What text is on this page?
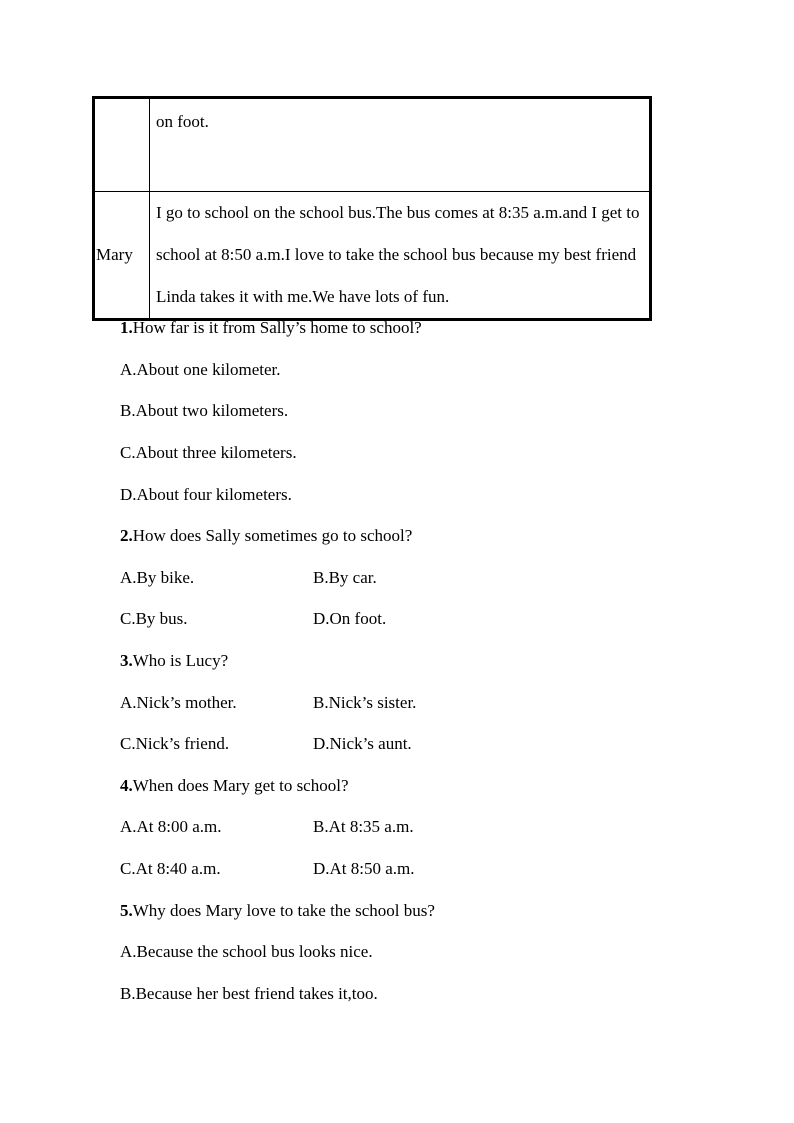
	on foot.

Mary	I go to school on the school bus.The bus comes at 8:35 a.m.and I get to school at 8:50 a.m.I love to take the school bus because my best friend Linda takes it with me.We have lots of fun.
1.How far is it from Sally’s home to school?
A.About one kilometer.
B.About two kilometers.
C.About three kilometers.
D.About four kilometers.
2.How does Sally sometimes go to school?
A.By bike.	B.By car.
C.By bus.	D.On foot.
3.Who is Lucy?
A.Nick’s mother.	B.Nick’s sister.
C.Nick’s friend.	D.Nick’s aunt.
4.When does Mary get to school?
A.At 8:00 a.m.	B.At 8:35 a.m.
C.At 8:40 a.m.	D.At 8:50 a.m.
5.Why does Mary love to take the school bus?
A.Because the school bus looks nice.
B.Because her best friend takes it,too.
